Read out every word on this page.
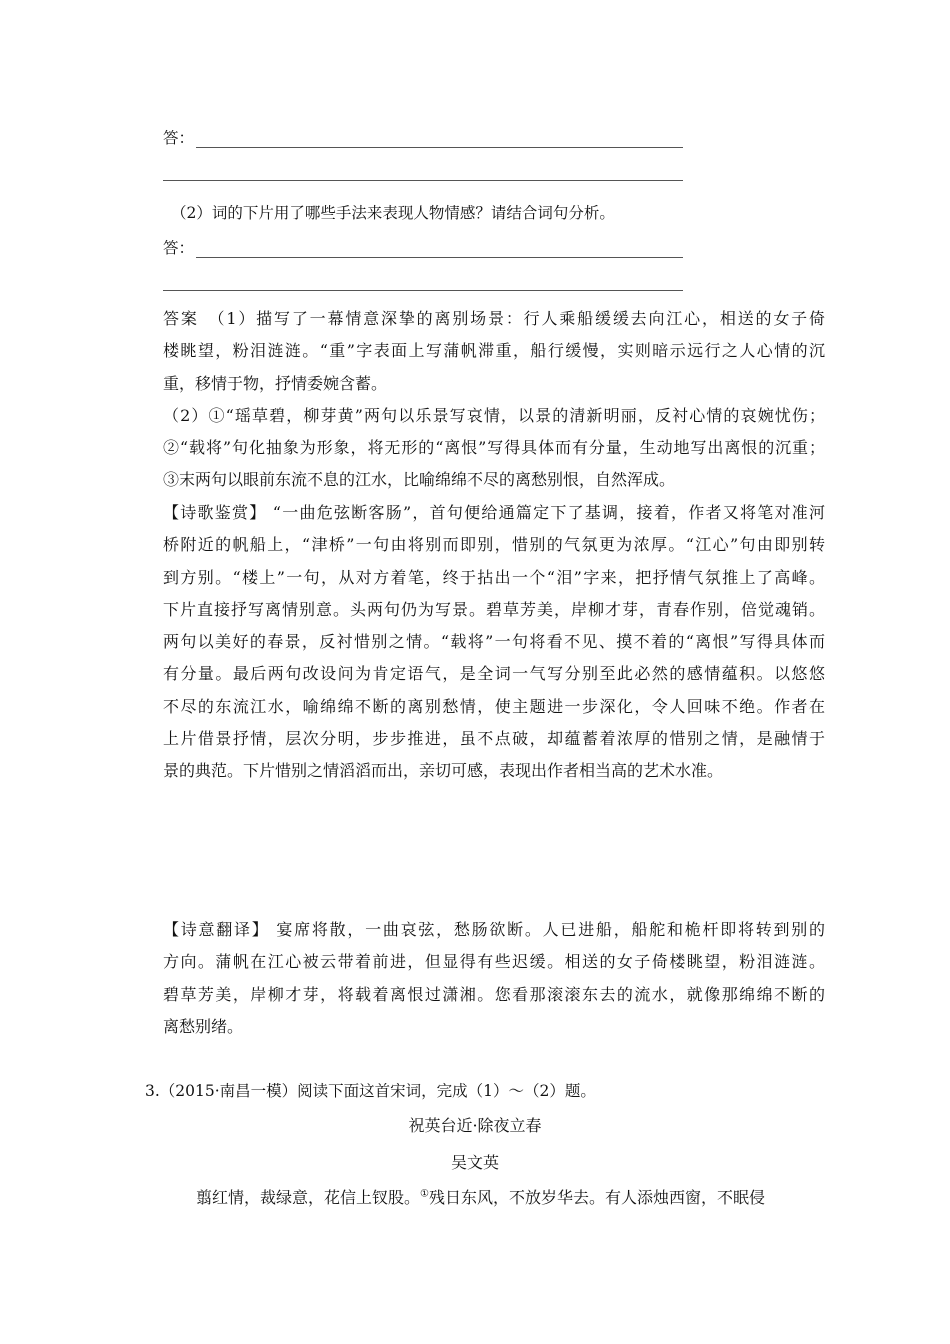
答：
（2）词的下片用了哪些手法来表现人物情感？请结合词句分析。
答：

答案　（1）描写了一幕情意深挚的离别场景：行人乘船缓缓去向江心，相送的女子倚

楼眺望，粉泪涟涟。“重”字表面上写蒲帆滞重，船行缓慢，实则暗示远行之人心情的沉

重，移情于物，抒情委婉含蓄。

（2）①“瑶草碧，柳芽黄”两句以乐景写哀情，以景的清新明丽，反衬心情的哀婉忧伤；

②“载将”句化抽象为形象，将无形的“离恨”写得具体而有分量，生动地写出离恨的沉重；

③末两句以眼前东流不息的江水，比喻绵绵不尽的离愁别恨，自然浑成。

【诗歌鉴赏】 “一曲危弦断客肠”，首句便给通篇定下了基调，接着，作者又将笔对准河

桥附近的帆船上，“津桥”一句由将别而即别，惜别的气氛更为浓厚。“江心”句由即别转

到方别。“楼上”一句，从对方着笔，终于拈出一个“泪”字来，把抒情气氛推上了高峰。

下片直接抒写离情别意。头两句仍为写景。碧草芳美，岸柳才芽，青春作别，倍觉魂销。

两句以美好的春景，反衬惜别之情。“载将”一句将看不见、摸不着的“离恨”写得具体而

有分量。最后两句改设问为肯定语气，是全词一气写分别至此必然的感情蕴积。以悠悠

不尽的东流江水，喻绵绵不断的离别愁情，使主题进一步深化，令人回味不绝。作者在

上片借景抒情，层次分明，步步推进，虽不点破，却蕴蓄着浓厚的惜别之情，是融情于

景的典范。下片惜别之情滔滔而出，亲切可感，表现出作者相当高的艺术水准。

【诗意翻译】 宴席将散，一曲哀弦，愁肠欲断。人已进船，船舵和桅杆即将转到别的

方向。蒲帆在江心被云带着前进，但显得有些迟缓。相送的女子倚楼眺望，粉泪涟涟。

碧草芳美，岸柳才芽，将载着离恨过潇湘。您看那滚滚东去的流水，就像那绵绵不断的

离愁别绪。

3.（2015·南昌一模）阅读下面这首宋词，完成（1）～（2）题。
祝英台近·除夜立春
吴文英
翦红情，裁绿意，花信上钗股。①残日东风，不放岁华去。有人添烛西窗，不眠侵
